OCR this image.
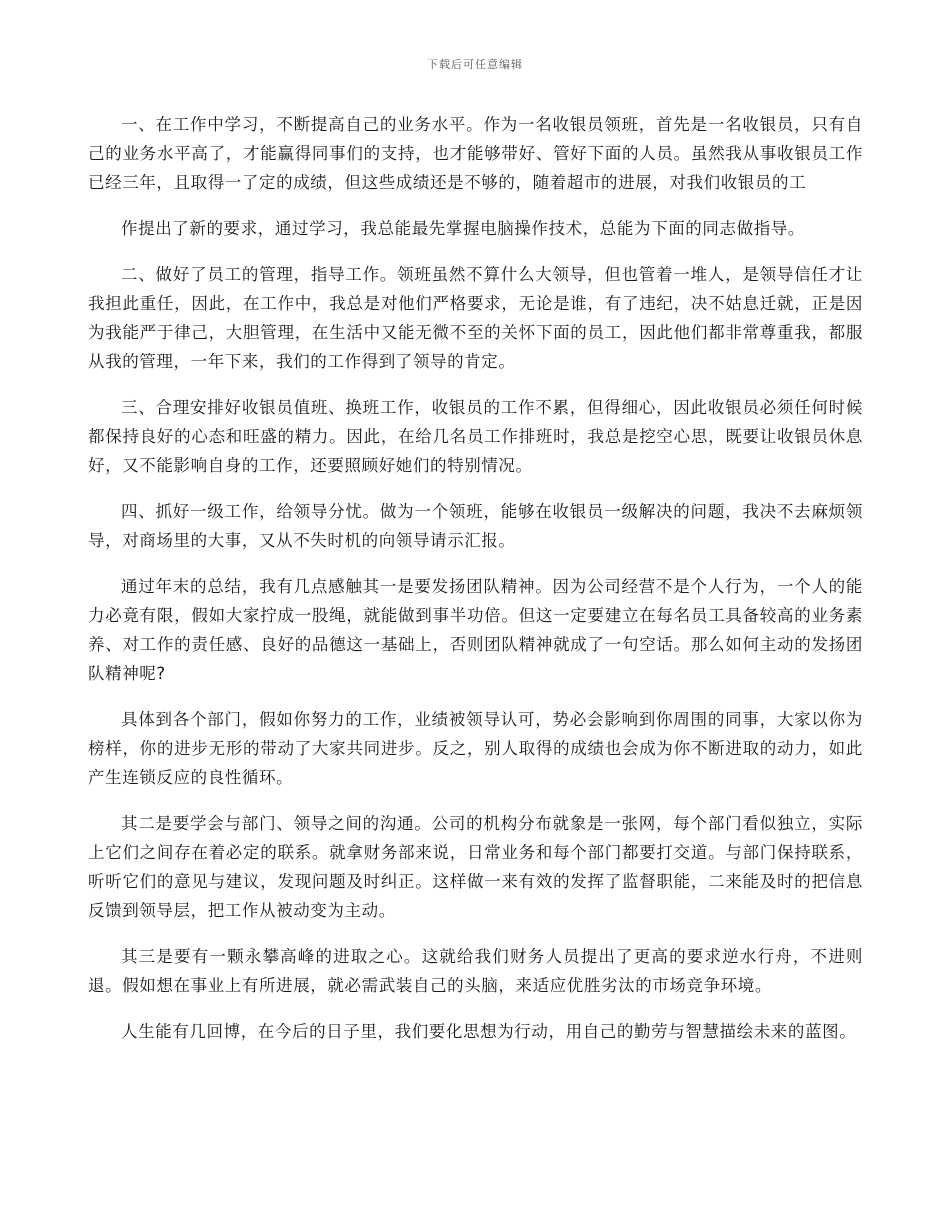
下载后可任意编辑

一、在工作中学习，不断提高自己的业务水平。作为一名收银员领班，首先是一名收银员，只有自己的业务水平高了，才能赢得同事们的支持，也才能够带好、管好下面的人员。虽然我从事收银员工作已经三年，且取得一了定的成绩，但这些成绩还是不够的，随着超市的进展，对我们收银员的工

作提出了新的要求，通过学习，我总能最先掌握电脑操作技术，总能为下面的同志做指导。

二、做好了员工的管理，指导工作。领班虽然不算什么大领导，但也管着一堆人，是领导信任才让我担此重任，因此，在工作中，我总是对他们严格要求，无论是谁，有了违纪，决不姑息迁就，正是因为我能严于律己，大胆管理，在生活中又能无微不至的关怀下面的员工，因此他们都非常尊重我，都服从我的管理，一年下来，我们的工作得到了领导的肯定。

三、合理安排好收银员值班、换班工作，收银员的工作不累，但得细心，因此收银员必须任何时候都保持良好的心态和旺盛的精力。因此，在给几名员工作排班时，我总是挖空心思，既要让收银员休息好，又不能影响自身的工作，还要照顾好她们的特别情况。

四、抓好一级工作，给领导分忧。做为一个领班，能够在收银员一级解决的问题，我决不去麻烦领导，对商场里的大事，又从不失时机的向领导请示汇报。

通过年末的总结，我有几点感触其一是要发扬团队精神。因为公司经营不是个人行为，一个人的能力必竟有限，假如大家拧成一股绳，就能做到事半功倍。但这一定要建立在每名员工具备较高的业务素养、对工作的责任感、良好的品德这一基础上，否则团队精神就成了一句空话。那么如何主动的发扬团队精神呢?

具体到各个部门，假如你努力的工作，业绩被领导认可，势必会影响到你周围的同事，大家以你为榜样，你的进步无形的带动了大家共同进步。反之，别人取得的成绩也会成为你不断进取的动力，如此产生连锁反应的良性循环。

其二是要学会与部门、领导之间的沟通。公司的机构分布就象是一张网，每个部门看似独立，实际上它们之间存在着必定的联系。就拿财务部来说，日常业务和每个部门都要打交道。与部门保持联系，听听它们的意见与建议，发现问题及时纠正。这样做一来有效的发挥了监督职能，二来能及时的把信息反馈到领导层，把工作从被动变为主动。

其三是要有一颗永攀高峰的进取之心。这就给我们财务人员提出了更高的要求逆水行舟，不进则退。假如想在事业上有所进展，就必需武装自己的头脑，来适应优胜劣汰的市场竞争环境。

人生能有几回博，在今后的日子里，我们要化思想为行动，用自己的勤劳与智慧描绘未来的蓝图。
